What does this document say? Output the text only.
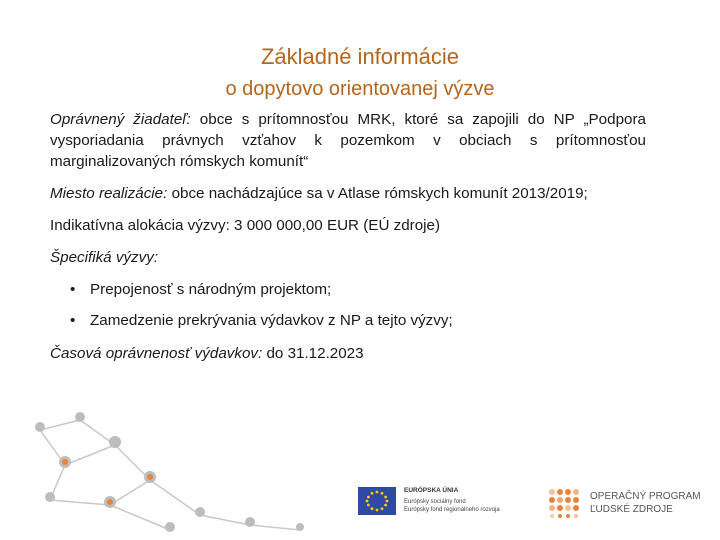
Základné informácie
o dopytovo orientovanej výzve

Oprávnený žiadateľ: obce s prítomnosťou MRK, ktoré sa zapojili do NP „Podpora vysporiadania právnych vzťahov k pozemkom v obciach s prítomnosťou marginalizovaných rómskych komunít“

Miesto realizácie: obce nachádzajúce sa v Atlase rómskych komunít 2013/2019;

Indikatívna alokácia výzvy: 3 000 000,00 EUR (EÚ zdroje)

Špecifiká výzvy:

• Prepojenosť s národným projektom;
• Zamedzenie prekrývania výdavkov z NP a tejto výzvy;

Časová oprávnenosť výdavkov: do 31.12.2023

EURÓPSKA ÚNIA
Európsky sociálny fond
Európsky fond regionálneho rozvoja
OPERAČNÝ PROGRAM
ĽUDSKÉ ZDROJE
